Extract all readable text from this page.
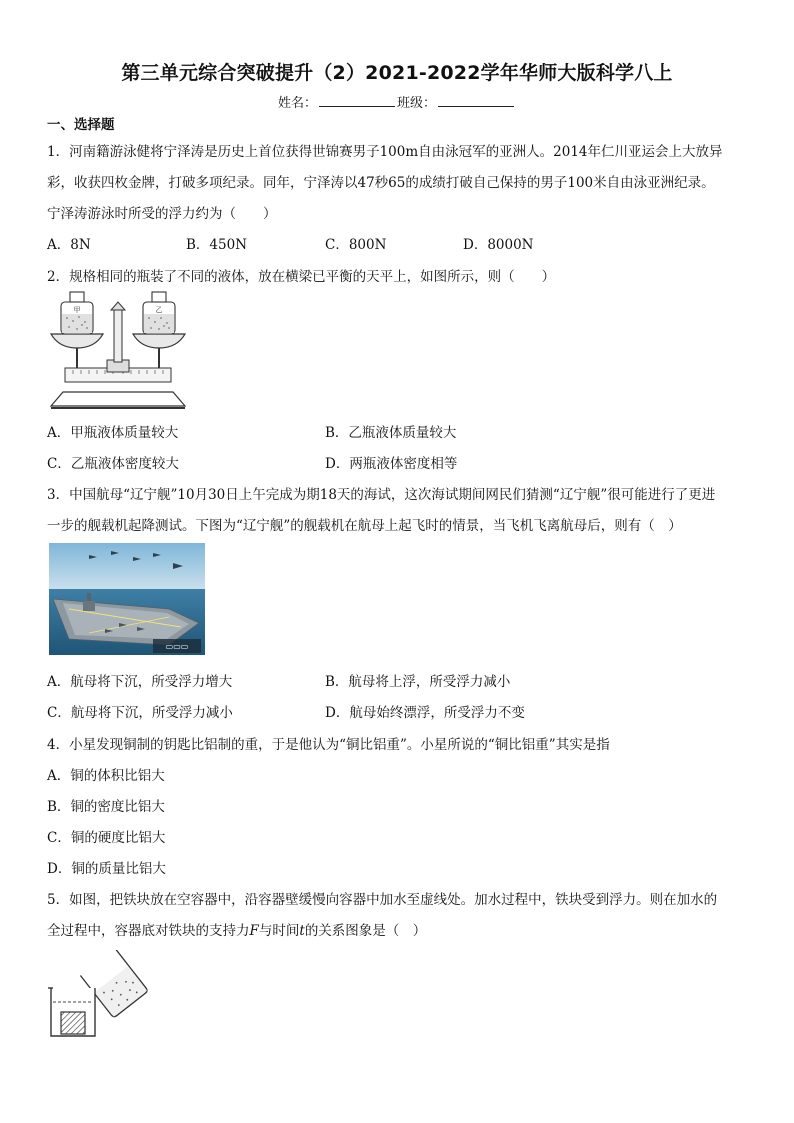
第三单元综合突破提升（2）2021-2022学年华师大版科学八上
姓名：	班级：
一、选择题
1．河南籍游泳健将宁泽涛是历史上首位获得世锦赛男子100m自由泳冠军的亚洲人。2014年仁川亚运会上大放异
彩，收获四枚金牌，打破多项纪录。同年，宁泽涛以47秒65的成绩打破自己保持的男子100米自由泳亚洲纪录。
宁泽涛游泳时所受的浮力约为（　　）
A．8N	B．450N	C．800N	D．8000N
2．规格相同的瓶装了不同的液体，放在横梁已平衡的天平上，如图所示，则（　　）
甲	乙
A．甲瓶液体质量较大	B．乙瓶液体质量较大
C．乙瓶液体密度较大	D．两瓶液体密度相等
3．中国航母“辽宁舰”10月30日上午完成为期18天的海试，这次海试期间网民们猜测“辽宁舰”很可能进行了更进
一步的舰载机起降测试。下图为“辽宁舰”的舰载机在航母上起飞时的情景，当飞机飞离航母后，则有（　）
▭▭▭
A．航母将下沉，所受浮力增大	B．航母将上浮，所受浮力减小
C．航母将下沉，所受浮力减小	D．航母始终漂浮，所受浮力不变
4．小星发现铜制的钥匙比铝制的重，于是他认为“铜比铝重”。小星所说的“铜比铝重”其实是指
A．铜的体积比铝大
B．铜的密度比铝大
C．铜的硬度比铝大
D．铜的质量比铝大
5．如图，把铁块放在空容器中，沿容器壁缓慢向容器中加水至虚线处。加水过程中，铁块受到浮力。则在加水的
全过程中，容器底对铁块的支持力F与时间t的关系图象是（　）
